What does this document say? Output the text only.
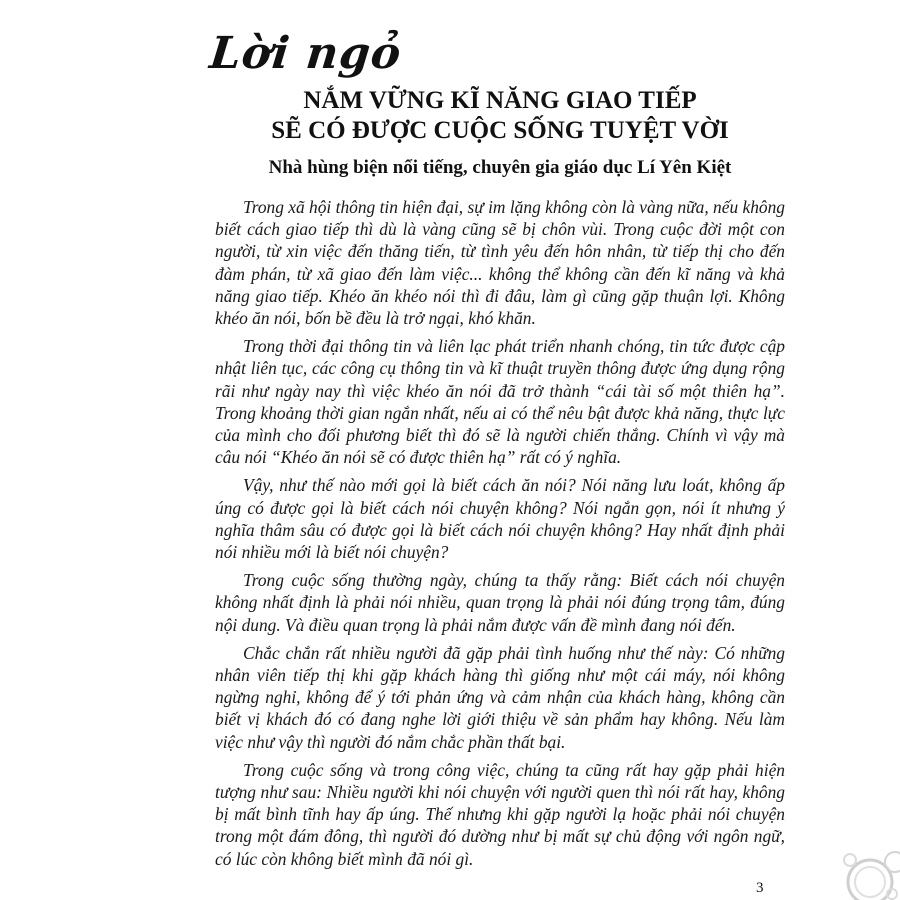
Lời ngỏ
NẮM VỮNG KĨ NĂNG GIAO TIẾP
SẼ CÓ ĐƯỢC CUỘC SỐNG TUYỆT VỜI
Nhà hùng biện nổi tiếng, chuyên gia giáo dục Lí Yên Kiệt

Trong xã hội thông tin hiện đại, sự im lặng không còn là vàng nữa, nếu không biết cách giao tiếp thì dù là vàng cũng sẽ bị chôn vùi. Trong cuộc đời một con người, từ xin việc đến thăng tiến, từ tình yêu đến hôn nhân, từ tiếp thị cho đến đàm phán, từ xã giao đến làm việc... không thể không cần đến kĩ năng và khả năng giao tiếp. Khéo ăn khéo nói thì đi đâu, làm gì cũng gặp thuận lợi. Không khéo ăn nói, bốn bề đều là trở ngại, khó khăn.

Trong thời đại thông tin và liên lạc phát triển nhanh chóng, tin tức được cập nhật liên tục, các công cụ thông tin và kĩ thuật truyền thông được ứng dụng rộng rãi như ngày nay thì việc khéo ăn nói đã trở thành “cái tài số một thiên hạ”. Trong khoảng thời gian ngắn nhất, nếu ai có thể nêu bật được khả năng, thực lực của mình cho đối phương biết thì đó sẽ là người chiến thắng. Chính vì vậy mà câu nói “Khéo ăn nói sẽ có được thiên hạ” rất có ý nghĩa.

Vậy, như thế nào mới gọi là biết cách ăn nói? Nói năng lưu loát, không ấp úng có được gọi là biết cách nói chuyện không? Nói ngắn gọn, nói ít nhưng ý nghĩa thâm sâu có được gọi là biết cách nói chuyện không? Hay nhất định phải nói nhiều mới là biết nói chuyện?

Trong cuộc sống thường ngày, chúng ta thấy rằng: Biết cách nói chuyện không nhất định là phải nói nhiều, quan trọng là phải nói đúng trọng tâm, đúng nội dung. Và điều quan trọng là phải nắm được vấn đề mình đang nói đến.

Chắc chắn rất nhiều người đã gặp phải tình huống như thế này: Có những nhân viên tiếp thị khi gặp khách hàng thì giống như một cái máy, nói không ngừng nghỉ, không để ý tới phản ứng và cảm nhận của khách hàng, không cần biết vị khách đó có đang nghe lời giới thiệu về sản phẩm hay không. Nếu làm việc như vậy thì người đó nắm chắc phần thất bại.

Trong cuộc sống và trong công việc, chúng ta cũng rất hay gặp phải hiện tượng như sau: Nhiều người khi nói chuyện với người quen thì nói rất hay, không bị mất bình tĩnh hay ấp úng. Thế nhưng khi gặp người lạ hoặc phải nói chuyện trong một đám đông, thì người đó dường như bị mất sự chủ động với ngôn ngữ, có lúc còn không biết mình đã nói gì.

3
